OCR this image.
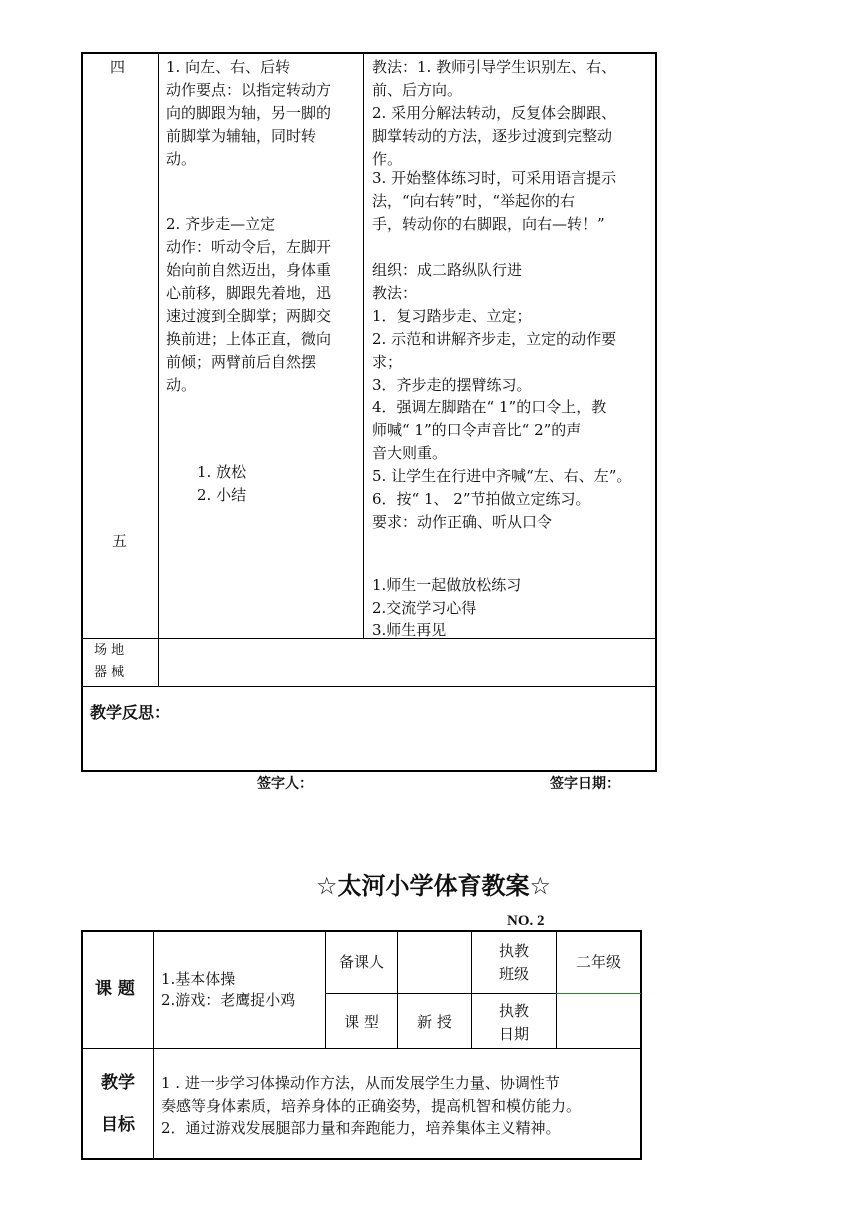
四
五
1. 向左、右、后转
动作要点：以指定转动方
向的脚跟为轴，另一脚的
前脚掌为辅轴，同时转
动。
2. 齐步走—立定
动作：听动令后，左脚开
始向前自然迈出，身体重
心前移，脚跟先着地，迅
速过渡到全脚掌；两脚交
换前进；上体正直，微向
前倾；两臂前后自然摆
动。
1. 放松
2. 小结
教法：1. 教师引导学生识别左、右、
前、后方向。
2. 采用分解法转动，反复体会脚跟、
脚掌转动的方法，逐步过渡到完整动
作。
3. 开始整体练习时，可采用语言提示
法，“向右转”时，“举起你的右
手，转动你的右脚跟，向右—转！”
组织：成二路纵队行进
教法：
1．复习踏步走、立定；
2. 示范和讲解齐步走，立定的动作要
求；
3．齐步走的摆臂练习。
4．强调左脚踏在“ 1”的口令上，教
师喊“ 1”的口令声音比“ 2”的声
音大则重。
5. 让学生在行进中齐喊“左、右、左”。
6．按“ 1、 2”节拍做立定练习。
要求：动作正确、听从口令
1.师生一起做放松练习
2.交流学习心得
3.师生再见
场 地
器 械
教学反思：
签字人：	签字日期：
☆太河小学体育教案☆
NO. 2
课 题 1.基本体操
2.游戏：老鹰捉小鸡
备课人
执教
班级
二年级
课 型	新 授
执教
日期
教学
目标
1 . 进一步学习体操动作方法，从而发展学生力量、协调性节
奏感等身体素质，培养身体的正确姿势，提高机智和模仿能力。
2．通过游戏发展腿部力量和奔跑能力，培养集体主义精神。
